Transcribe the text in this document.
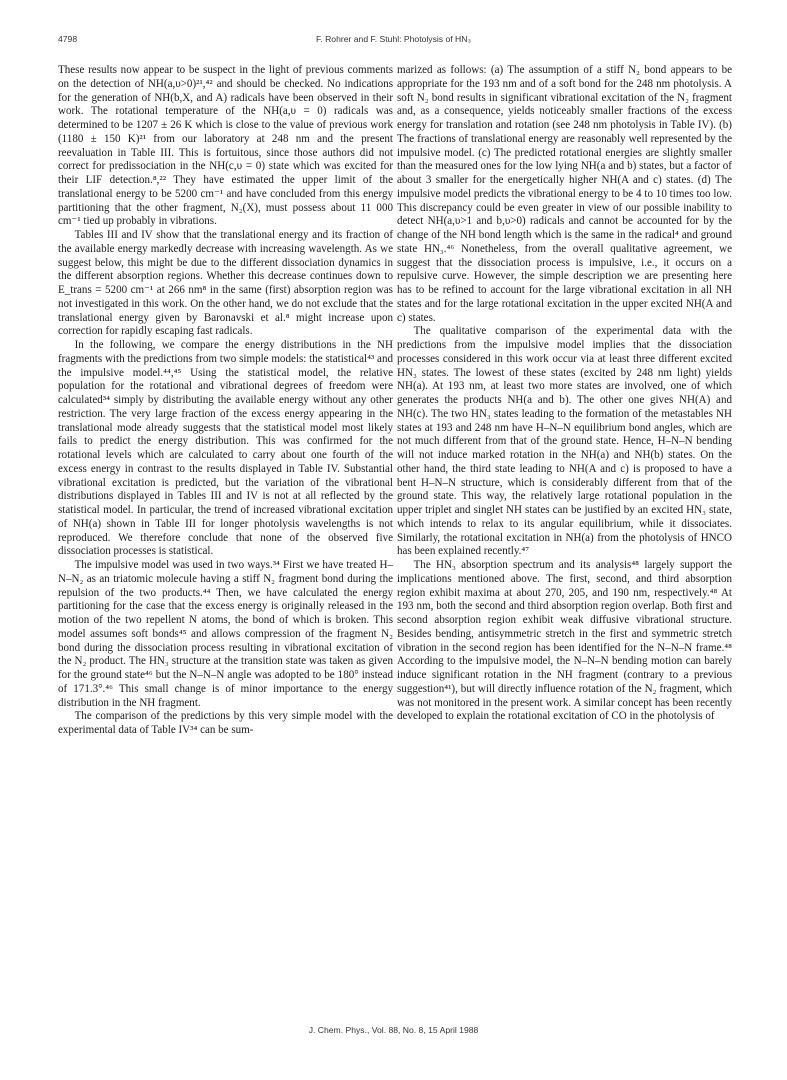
4798	F. Rohrer and F. Stuhl: Photolysis of HN₃

These results now appear to be suspect in the light of previous comments on the detection of NH(a,υ>0)²¹,⁴² and should be checked. No indications for the generation of NH(b,X, and A) radicals have been observed in their work. The rotational temperature of the NH(a,υ = 0) radicals was determined to be 1207 ± 26 K which is close to the value of previous work (1180 ± 150 K)²¹ from our laboratory at 248 nm and the present reevaluation in Table III. This is fortuitous, since those authors did not correct for predissociation in the NH(c,υ = 0) state which was excited for their LIF detection.⁸,²² They have estimated the upper limit of the translational energy to be 5200 cm⁻¹ and have concluded from this energy partitioning that the other fragment, N₂(X), must possess about 11 000 cm⁻¹ tied up probably in vibrations.

Tables III and IV show that the translational energy and its fraction of the available energy markedly decrease with increasing wavelength. As we suggest below, this might be due to the different dissociation dynamics in the different absorption regions. Whether this decrease continues down to E_trans = 5200 cm⁻¹ at 266 nm⁸ in the same (first) absorption region was not investigated in this work. On the other hand, we do not exclude that the translational energy given by Baronavski et al.⁸ might increase upon correction for rapidly escaping fast radicals.

In the following, we compare the energy distributions in the NH fragments with the predictions from two simple models: the statistical⁴³ and the impulsive model.⁴⁴,⁴⁵ Using the statistical model, the relative population for the rotational and vibrational degrees of freedom were calculated³⁴ simply by distributing the available energy without any other restriction. The very large fraction of the excess energy appearing in the translational mode already suggests that the statistical model most likely fails to predict the energy distribution. This was confirmed for the rotational levels which are calculated to carry about one fourth of the excess energy in contrast to the results displayed in Table IV. Substantial vibrational excitation is predicted, but the variation of the vibrational distributions displayed in Tables III and IV is not at all reflected by the statistical model. In particular, the trend of increased vibrational excitation of NH(a) shown in Table III for longer photolysis wavelengths is not reproduced. We therefore conclude that none of the observed five dissociation processes is statistical.

The impulsive model was used in two ways.³⁴ First we have treated H–N–N₂ as an triatomic molecule having a stiff N₂ fragment bond during the repulsion of the two products.⁴⁴ Then, we have calculated the energy partitioning for the case that the excess energy is originally released in the motion of the two repellent N atoms, the bond of which is broken. This model assumes soft bonds⁴⁵ and allows compression of the fragment N₂ bond during the dissociation process resulting in vibrational excitation of the N₂ product. The HN₃ structure at the transition state was taken as given for the ground state⁴⁶ but the N–N–N angle was adopted to be 180° instead of 171.3°.⁴⁶ This small change is of minor importance to the energy distribution in the NH fragment.

The comparison of the predictions by this very simple model with the experimental data of Table IV³⁴ can be sum-

marized as follows: (a) The assumption of a stiff N₂ bond appears to be appropriate for the 193 nm and of a soft bond for the 248 nm photolysis. A soft N₂ bond results in significant vibrational excitation of the N₂ fragment and, as a consequence, yields noticeably smaller fractions of the excess energy for translation and rotation (see 248 nm photolysis in Table IV). (b) The fractions of translational energy are reasonably well represented by the impulsive model. (c) The predicted rotational energies are slightly smaller than the measured ones for the low lying NH(a and b) states, but a factor of about 3 smaller for the energetically higher NH(A and c) states. (d) The impulsive model predicts the vibrational energy to be 4 to 10 times too low. This discrepancy could be even greater in view of our possible inability to detect NH(a,υ>1 and b,υ>0) radicals and cannot be accounted for by the change of the NH bond length which is the same in the radical⁴ and ground state HN₃.⁴⁶ Nonetheless, from the overall qualitative agreement, we suggest that the dissociation process is impulsive, i.e., it occurs on a repulsive curve. However, the simple description we are presenting here has to be refined to account for the large vibrational excitation in all NH states and for the large rotational excitation in the upper excited NH(A and c) states.

The qualitative comparison of the experimental data with the predictions from the impulsive model implies that the dissociation processes considered in this work occur via at least three different excited HN₃ states. The lowest of these states (excited by 248 nm light) yields NH(a). At 193 nm, at least two more states are involved, one of which generates the products NH(a and b). The other one gives NH(A) and NH(c). The two HN₃ states leading to the formation of the metastables NH states at 193 and 248 nm have H–N–N equilibrium bond angles, which are not much different from that of the ground state. Hence, H–N–N bending will not induce marked rotation in the NH(a) and NH(b) states. On the other hand, the third state leading to NH(A and c) is proposed to have a bent H–N–N structure, which is considerably different from that of the ground state. This way, the relatively large rotational population in the upper triplet and singlet NH states can be justified by an excited HN₃ state, which intends to relax to its angular equilibrium, while it dissociates. Similarly, the rotational excitation in NH(a) from the photolysis of HNCO has been explained recently.⁴⁷

The HN₃ absorption spectrum and its analysis⁴⁸ largely support the implications mentioned above. The first, second, and third absorption region exhibit maxima at about 270, 205, and 190 nm, respectively.⁴⁸ At 193 nm, both the second and third absorption region overlap. Both first and second absorption region exhibit weak diffusive vibrational structure. Besides bending, antisymmetric stretch in the first and symmetric stretch vibration in the second region has been identified for the N–N–N frame.⁴⁸ According to the impulsive model, the N–N–N bending motion can barely induce significant rotation in the NH fragment (contrary to a previous suggestion⁴¹), but will directly influence rotation of the N₂ fragment, which was not monitored in the present work. A similar concept has been recently developed to explain the rotational excitation of CO in the photolysis of

J. Chem. Phys., Vol. 88, No. 8, 15 April 1988
